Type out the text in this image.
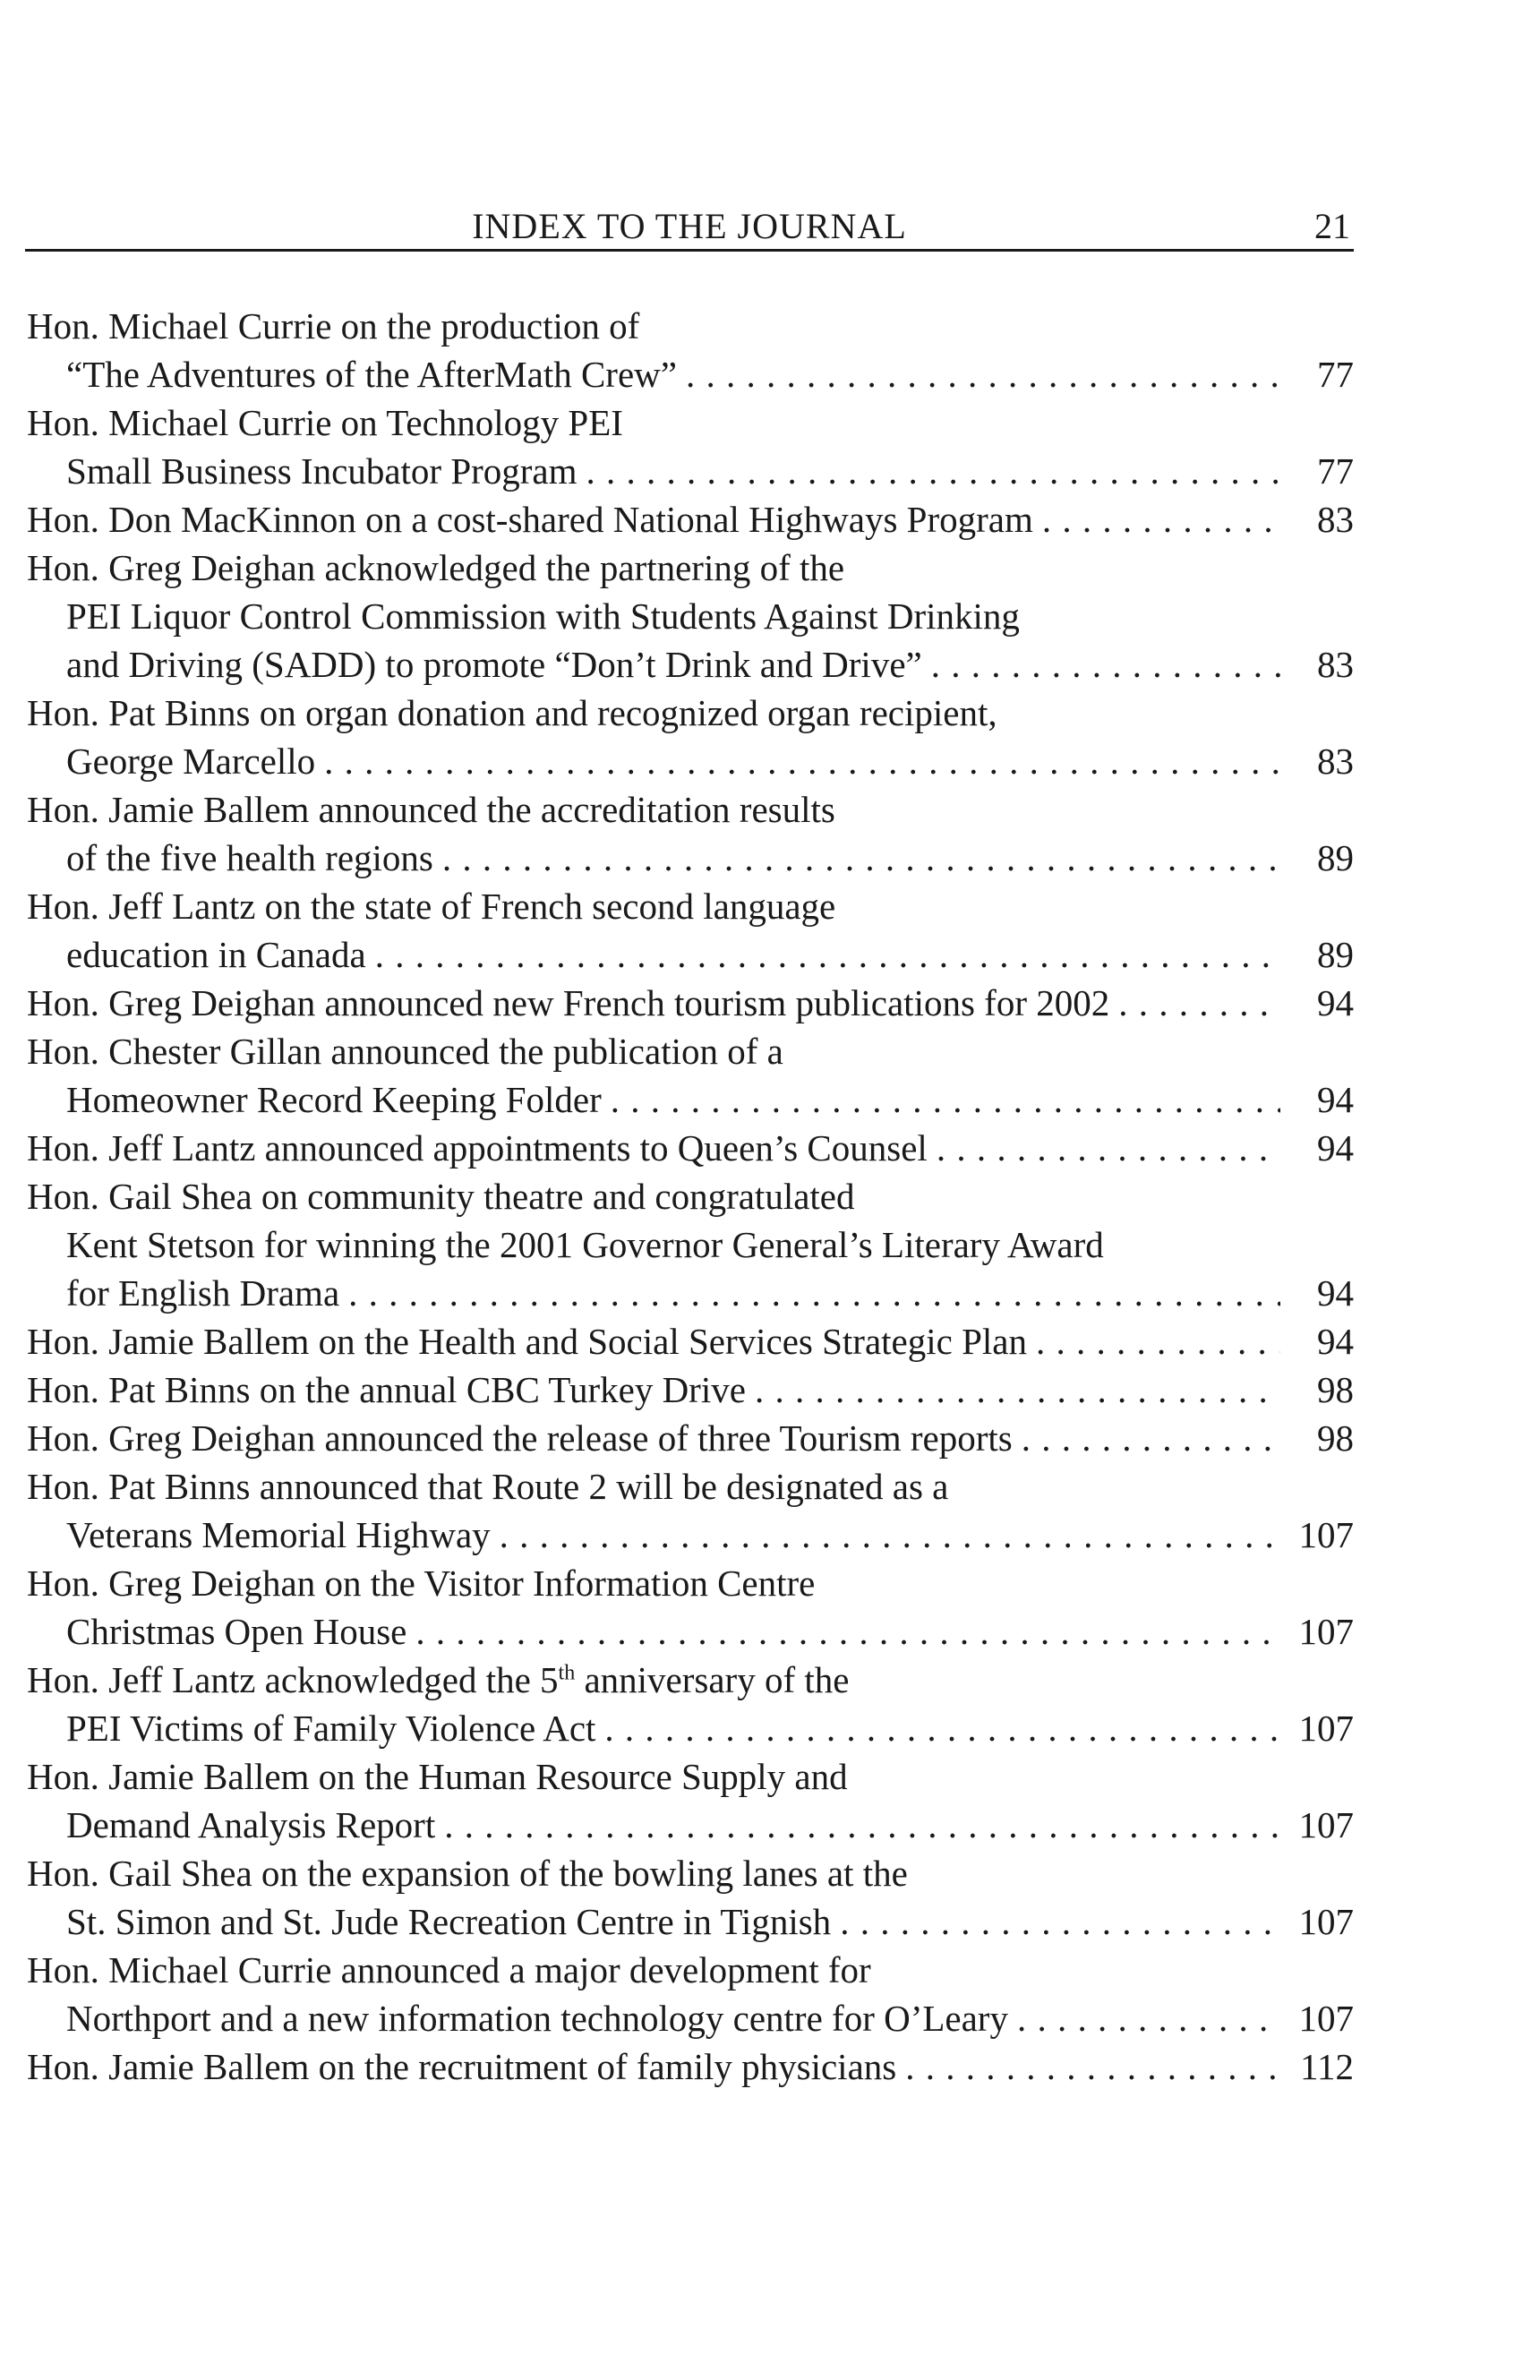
INDEX TO THE JOURNAL	21
Hon. Michael Currie on the production of
“The Adventures of the AfterMath Crew” . . .	77
Hon. Michael Currie on Technology PEI
Small Business Incubator Program . . .	77
Hon. Don MacKinnon on a cost-shared National Highways Program . . .	83
Hon. Greg Deighan acknowledged the partnering of the
PEI Liquor Control Commission with Students Against Drinking
and Driving (SADD) to promote “Don’t Drink and Drive” . . .	83
Hon. Pat Binns on organ donation and recognized organ recipient,
George Marcello . . .	83
Hon. Jamie Ballem announced the accreditation results
of the five health regions . . .	89
Hon. Jeff Lantz on the state of French second language
education in Canada . . .	89
Hon. Greg Deighan announced new French tourism publications for 2002 . . .	94
Hon. Chester Gillan announced the publication of a
Homeowner Record Keeping Folder . . .	94
Hon. Jeff Lantz announced appointments to Queen’s Counsel . . .	94
Hon. Gail Shea on community theatre and congratulated
Kent Stetson for winning the 2001 Governor General’s Literary Award
for English Drama . . .	94
Hon. Jamie Ballem on the Health and Social Services Strategic Plan . . .	94
Hon. Pat Binns on the annual CBC Turkey Drive . . .	98
Hon. Greg Deighan announced the release of three Tourism reports . . .	98
Hon. Pat Binns announced that Route 2 will be designated as a
Veterans Memorial Highway . . .	107
Hon. Greg Deighan on the Visitor Information Centre
Christmas Open House . . .	107
Hon. Jeff Lantz acknowledged the 5th anniversary of the
PEI Victims of Family Violence Act . . .	107
Hon. Jamie Ballem on the Human Resource Supply and
Demand Analysis Report . . .	107
Hon. Gail Shea on the expansion of the bowling lanes at the
St. Simon and St. Jude Recreation Centre in Tignish . . .	107
Hon. Michael Currie announced a major development for
Northport and a new information technology centre for O’Leary . . .	107
Hon. Jamie Ballem on the recruitment of family physicians . . .	112
